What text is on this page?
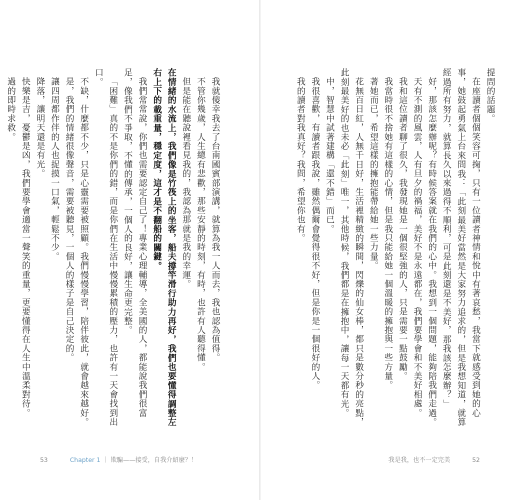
我就傻幸我去了台南國賓部演講，就算為我一人而去，我也認為值得。

不管你幾歲，人生總有悲歡，那些安靜的時刻，有時，也許有人聽得懂。

但是能在聽說裡看見我的，我認為那就是我的幸運。

在情緒的水流上，我們像是竹筏上的坐客，船夫撐竿滑行助力再好，我們也要懂得調整左右上下的載重量，穩定度，這才是不翻船的關鍵。

我們常常說，你們也需要認定自己了！專業心理輔導，全美國的人，都能說我們很富足，像我們不爭取，不懂的傳承，一個人的良好，讓生命更完整。

「困難」真的不是你們的錯，而是你們在生活中慢慢累積的壓力，也許有一天會找到出口。

不缺，什麼都不少，只是心靈需要被照顧。我們慢慢學習，陪伴彼此，就會越來越好。

是，我們的情緒很像聲音，需要被聽見，一個人的樣子是自己決定的。

讓四周都作伴的人也捉摸一口氣，輕鬆不少。

降落，讓明天還是有光。

快樂是吉，憂鬱是凶，我們要學會適當一聲笑的重量，更要懂得在人生中溫柔對待。

過的即時求救。

53	Chapter 1 ｜ 欺騙——接受，自我介紹麼？！

提問的話題。

在座讀者個個笑容可掬，只有一位讀者神情和悅中有著哀愁，我當下就感受到她的心事，她鼓起勇氣上台來問我：「此刻最美好當然是大家努力追求的，但是我想知道，就算經過所有努力，就算長久以來過得不順利，可是此刻還是不美好，那我該怎麼辦？」

好，那該怎麼辦呢？有時候答案就在我們的心中。我想到一個問題，能夠陪我們走過。

天有不測的風雲，人有旦夕的禍福，美好不是永遠都在，我們要學會和不美好相處。

我和這位讀者聊了很久，我發現她是一個很堅強的人，只是需要一點鼓勵。

我當時很不捨她有這樣的心情，但是我只能給她一個溫暖的擁抱與一些方量。

著她而已，希望這樣的擁抱能帶給她一些力量。

花無百日紅，人無千日好，生活裡精緻的瞬間，閃爍的仙女棒，都只是數分秒的亮點，此刻最美好的也未必「此刻」唯一，其他時候，我們都是在擁抱中，讓每一天都有光。

中，智慧中試著建構「還不錯」而已。

我很喜歡，有讀者跟我說，雖然偶爾會覺得很不好，但是你是一個很好的人。

我的讀者對我真好？我問，希望你也有。

我是我，也不一定完美	52
